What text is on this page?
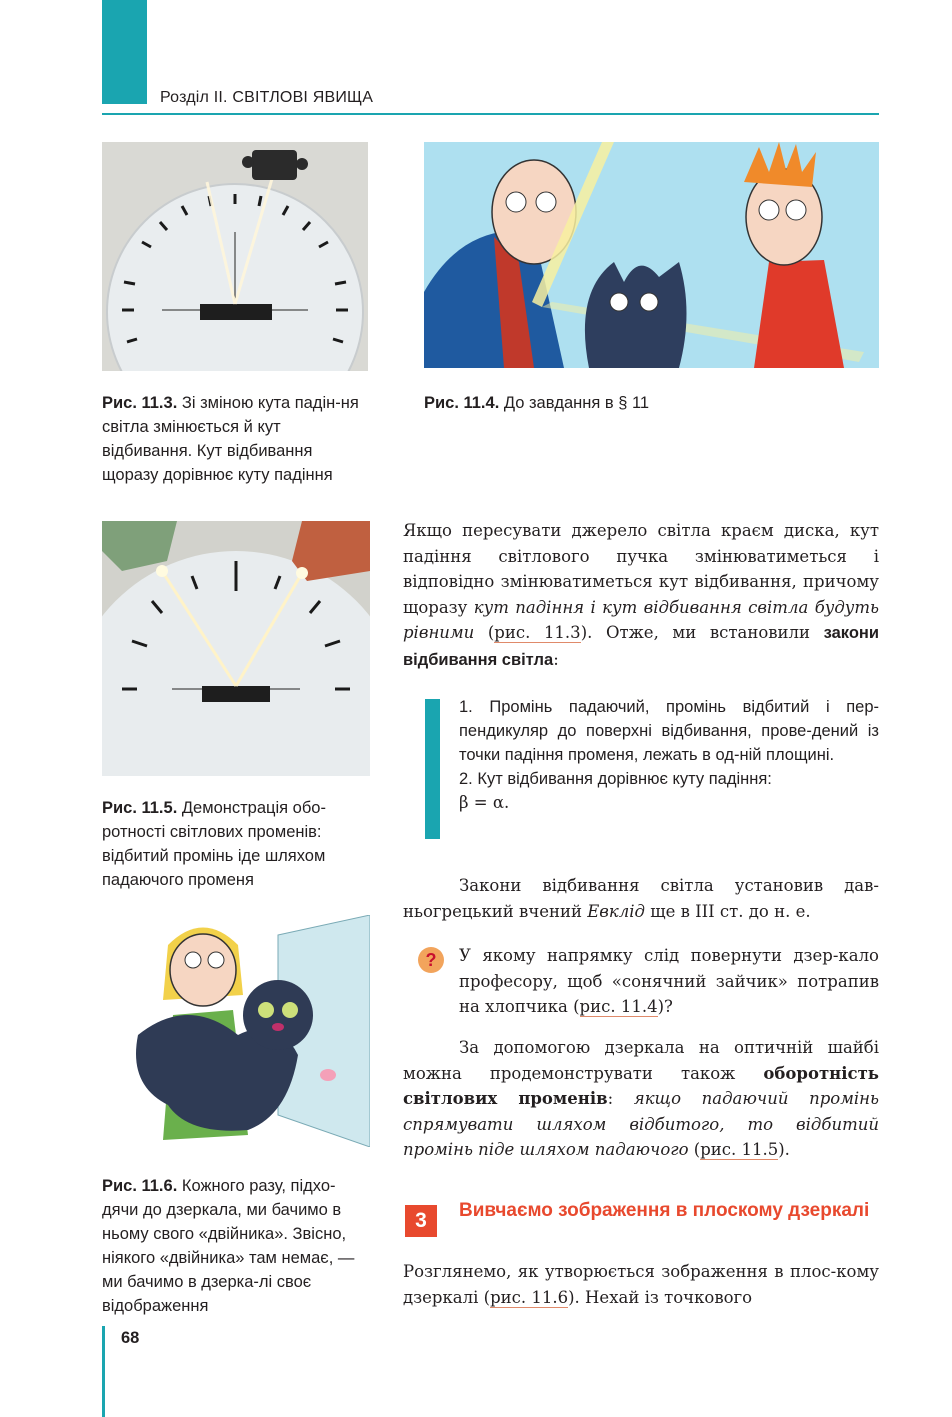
Розділ ІІ. СВІТЛОВІ ЯВИЩА
Рис. 11.3. Зі зміною кута падін-ня світла змінюється й кут відбивання. Кут відбивання щоразу дорівнює куту падіння
Рис. 11.4. До завдання в § 11
Рис. 11.5. Демонстрація обо-ротності світлових променів: відбитий промінь іде шляхом падаючого променя
Рис. 11.6. Кожного разу, підхо-дячи до дзеркала, ми бачимо в ньому свого «двійника». Звісно, ніякого «двійника» там немає, — ми бачимо в дзерка-лі своє відображення
Якщо пересувати джерело світла краєм диска, кут падіння світлового пучка змінюватиметься і відповідно змінюватиметься кут відбивання, причому щоразу кут падіння і кут відбивання світла будуть рівними (рис. 11.3). Отже, ми встановили закони відбивання світла:
1. Промінь падаючий, промінь відбитий і пер-пендикуляр до поверхні відбивання, прове-дений із точки падіння променя, лежать в од-ній площині.
2. Кут відбивання дорівнює куту падіння:
β = α.
Закони відбивання світла установив дав-ньогрецький вчений Евклід ще в ІІІ ст. до н. е.
?	У якому напрямку слід повернути дзер-кало професору, щоб «сонячний зайчик» потрапив на хлопчика (рис. 11.4)?
За допомогою дзеркала на оптичній шайбі можна продемонструвати також оборотність світлових променів: якщо падаючий промінь спрямувати шляхом відбитого, то відбитий промінь піде шляхом падаючого (рис. 11.5).
3	Вивчаємо зображення в плоскому дзеркалі
Розглянемо, як утворюється зображення в плос-кому дзеркалі (рис. 11.6). Нехай із точкового
68
